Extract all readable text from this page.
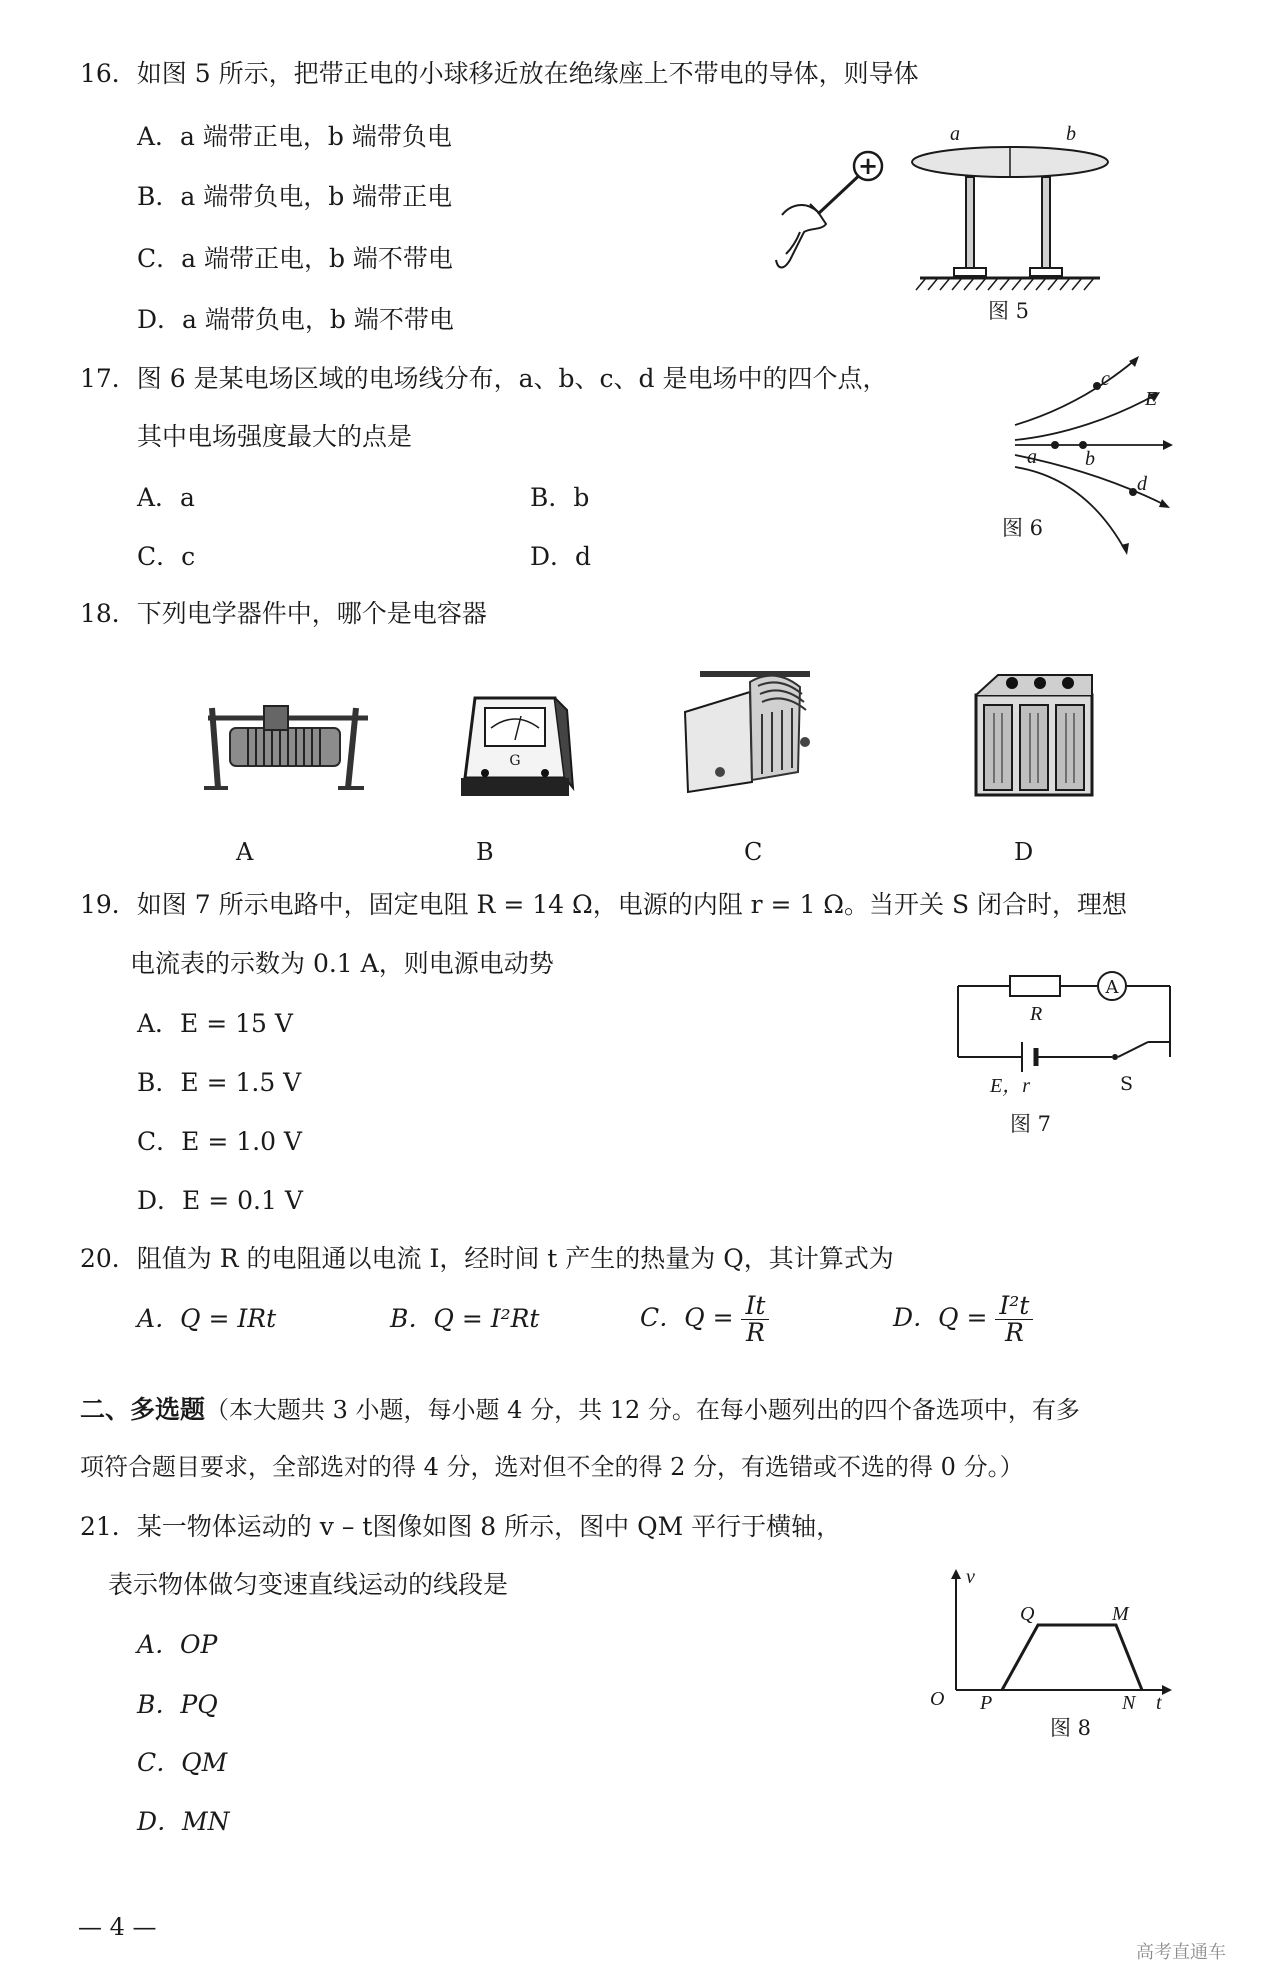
16．如图 5 所示，把带正电的小球移近放在绝缘座上不带电的导体，则导体
A．a 端带正电，b 端带负电
B．a 端带负电，b 端带正电
C．a 端带正电，b 端不带电
D．a 端带负电，b 端不带电
+
a	b
图 5
17．图 6 是某电场区域的电场线分布，a、b、c、d 是电场中的四个点，
其中电场强度最大的点是
A．a	B．b
C．c	D．d
c
E
a b
d
图 6
18．下列电学器件中，哪个是电容器
A
G
B	C	D
19．如图 7 所示电路中，固定电阻 R = 14 Ω，电源的内阻 r = 1 Ω。当开关 S 闭合时，理想
电流表的示数为 0.1 A，则电源电动势
A．E = 15 V
B．E = 1.5 V
C．E = 1.0 V
D．E = 0.1 V
A
R
E，r	S
图 7
20．阻值为 R 的电阻通以电流 I，经时间 t 产生的热量为 Q，其计算式为
A．Q = IRt	B．Q = I²Rt	C．$Q = \frac{It}{R}$	D．$Q = \frac{\text{I²t}}{R}$
二、多选题（本大题共 3 小题，每小题 4 分，共 12 分。在每小题列出的四个备选项中，有多
项符合题目要求，全部选对的得 4 分，选对但不全的得 2 分，有选错或不选的得 0 分。）
21．某一物体运动的 v – t图像如图 8 所示，图中 QM 平行于横轴，
表示物体做匀变速直线运动的线段是
A．OP
B．PQ
C．QM
D．MN
v
Q	M
O P	N t
图 8
— 4 —
高考直通车
